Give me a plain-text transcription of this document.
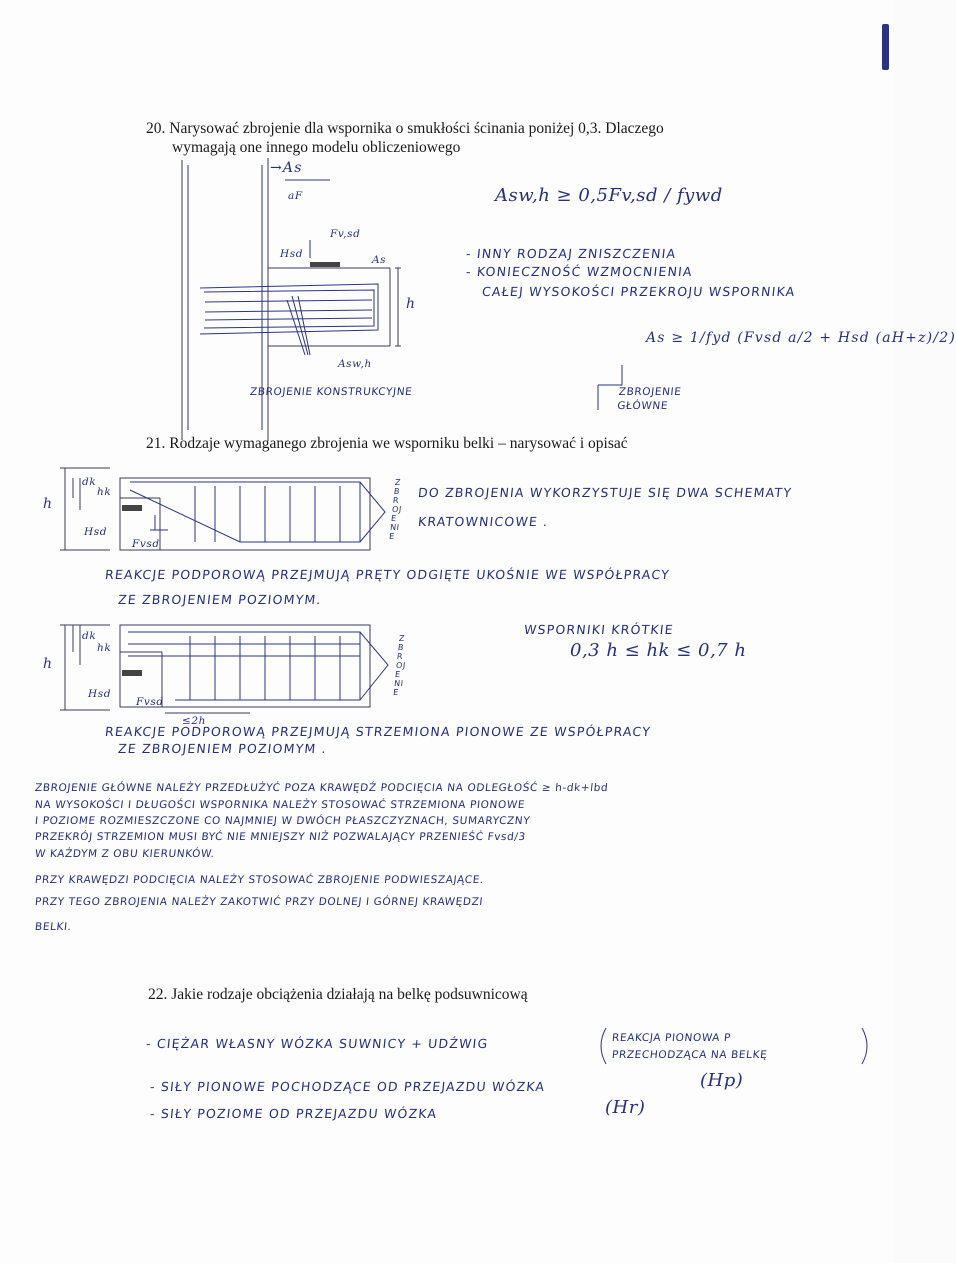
20. Narysować zbrojenie dla wspornika o smukłości ścinania poniżej 0,3. Dlaczego
wymagają one innego modelu obliczeniowego
21. Rodzaje wymaganego zbrojenia we wsporniku belki – narysować i opisać
22. Jakie rodzaje obciążenia działają na belkę podsuwnicową
Asw,h ≥ 0,5Fv,sd / fywd
- INNY RODZAJ ZNISZCZENIA
- KONIECZNOŚĆ WZMOCNIENIA
CAŁEJ WYSOKOŚCI PRZEKROJU WSPORNIKA
As ≥ 1/fyd (Fvsd a/2 + Hsd (aH+z)/2)
ZBROJENIE GŁÓWNE
ZBROJENIE KONSTRUKCYJNE
→As
As
Asw,h
aF
Fv,sd
Hsd
h
DO ZBROJENIA WYKORZYSTUJE SIĘ DWA SCHEMATY
KRATOWNICOWE .
REAKCJE PODPOROWĄ PRZEJMUJĄ PRĘTY ODGIĘTE UKOŚNIE WE WSPÓŁPRACY
ZE ZBROJENIEM POZIOMYM.
WSPORNIKI KRÓTKIE
0,3 h ≤ hk ≤ 0,7 h
REAKCJE PODPOROWĄ PRZEJMUJĄ STRZEMIONA PIONOWE ZE WSPÓŁPRACY
ZE ZBROJENIEM POZIOMYM .
h
dk
hk
Hsd
Fvsd
ZBROJENIE
h
dk
hk
Hsd
Fvsd
ZBROJENIE
≤2h
ZBROJENIE GŁÓWNE NALEŻY PRZEDŁUŻYĆ POZA KRAWĘDŹ PODCIĘCIA NA ODLEGŁOŚĆ ≥ h-dk+lbd
NA WYSOKOŚCI I DŁUGOŚCI WSPORNIKA NALEŻY STOSOWAĆ STRZEMIONA PIONOWE
I POZIOME ROZMIESZCZONE CO NAJMNIEJ W DWÓCH PŁASZCZYZNACH, SUMARYCZNY
PRZEKRÓJ STRZEMION MUSI BYĆ NIE MNIEJSZY NIŻ POZWALAJĄCY PRZENIEŚĆ Fvsd/3
W KAŻDYM Z OBU KIERUNKÓW.
PRZY KRAWĘDZI PODCIĘCIA NALEŻY STOSOWAĆ ZBROJENIE PODWIESZAJĄCE.
PRZY TEGO ZBROJENIA NALEŻY ZAKOTWIĆ PRZY DOLNEJ I GÓRNEJ KRAWĘDZI
BELKI.
- CIĘŻAR WŁASNY WÓZKA SUWNICY + UDŹWIG	REAKCJA PIONOWA P
PRZECHODZĄCA NA BELKĘ
- SIŁY PIONOWE POCHODZĄCE OD PRZEJAZDU WÓZKA	(Hp)
- SIŁY POZIOME OD PRZEJAZDU WÓZKA	(Hr)
